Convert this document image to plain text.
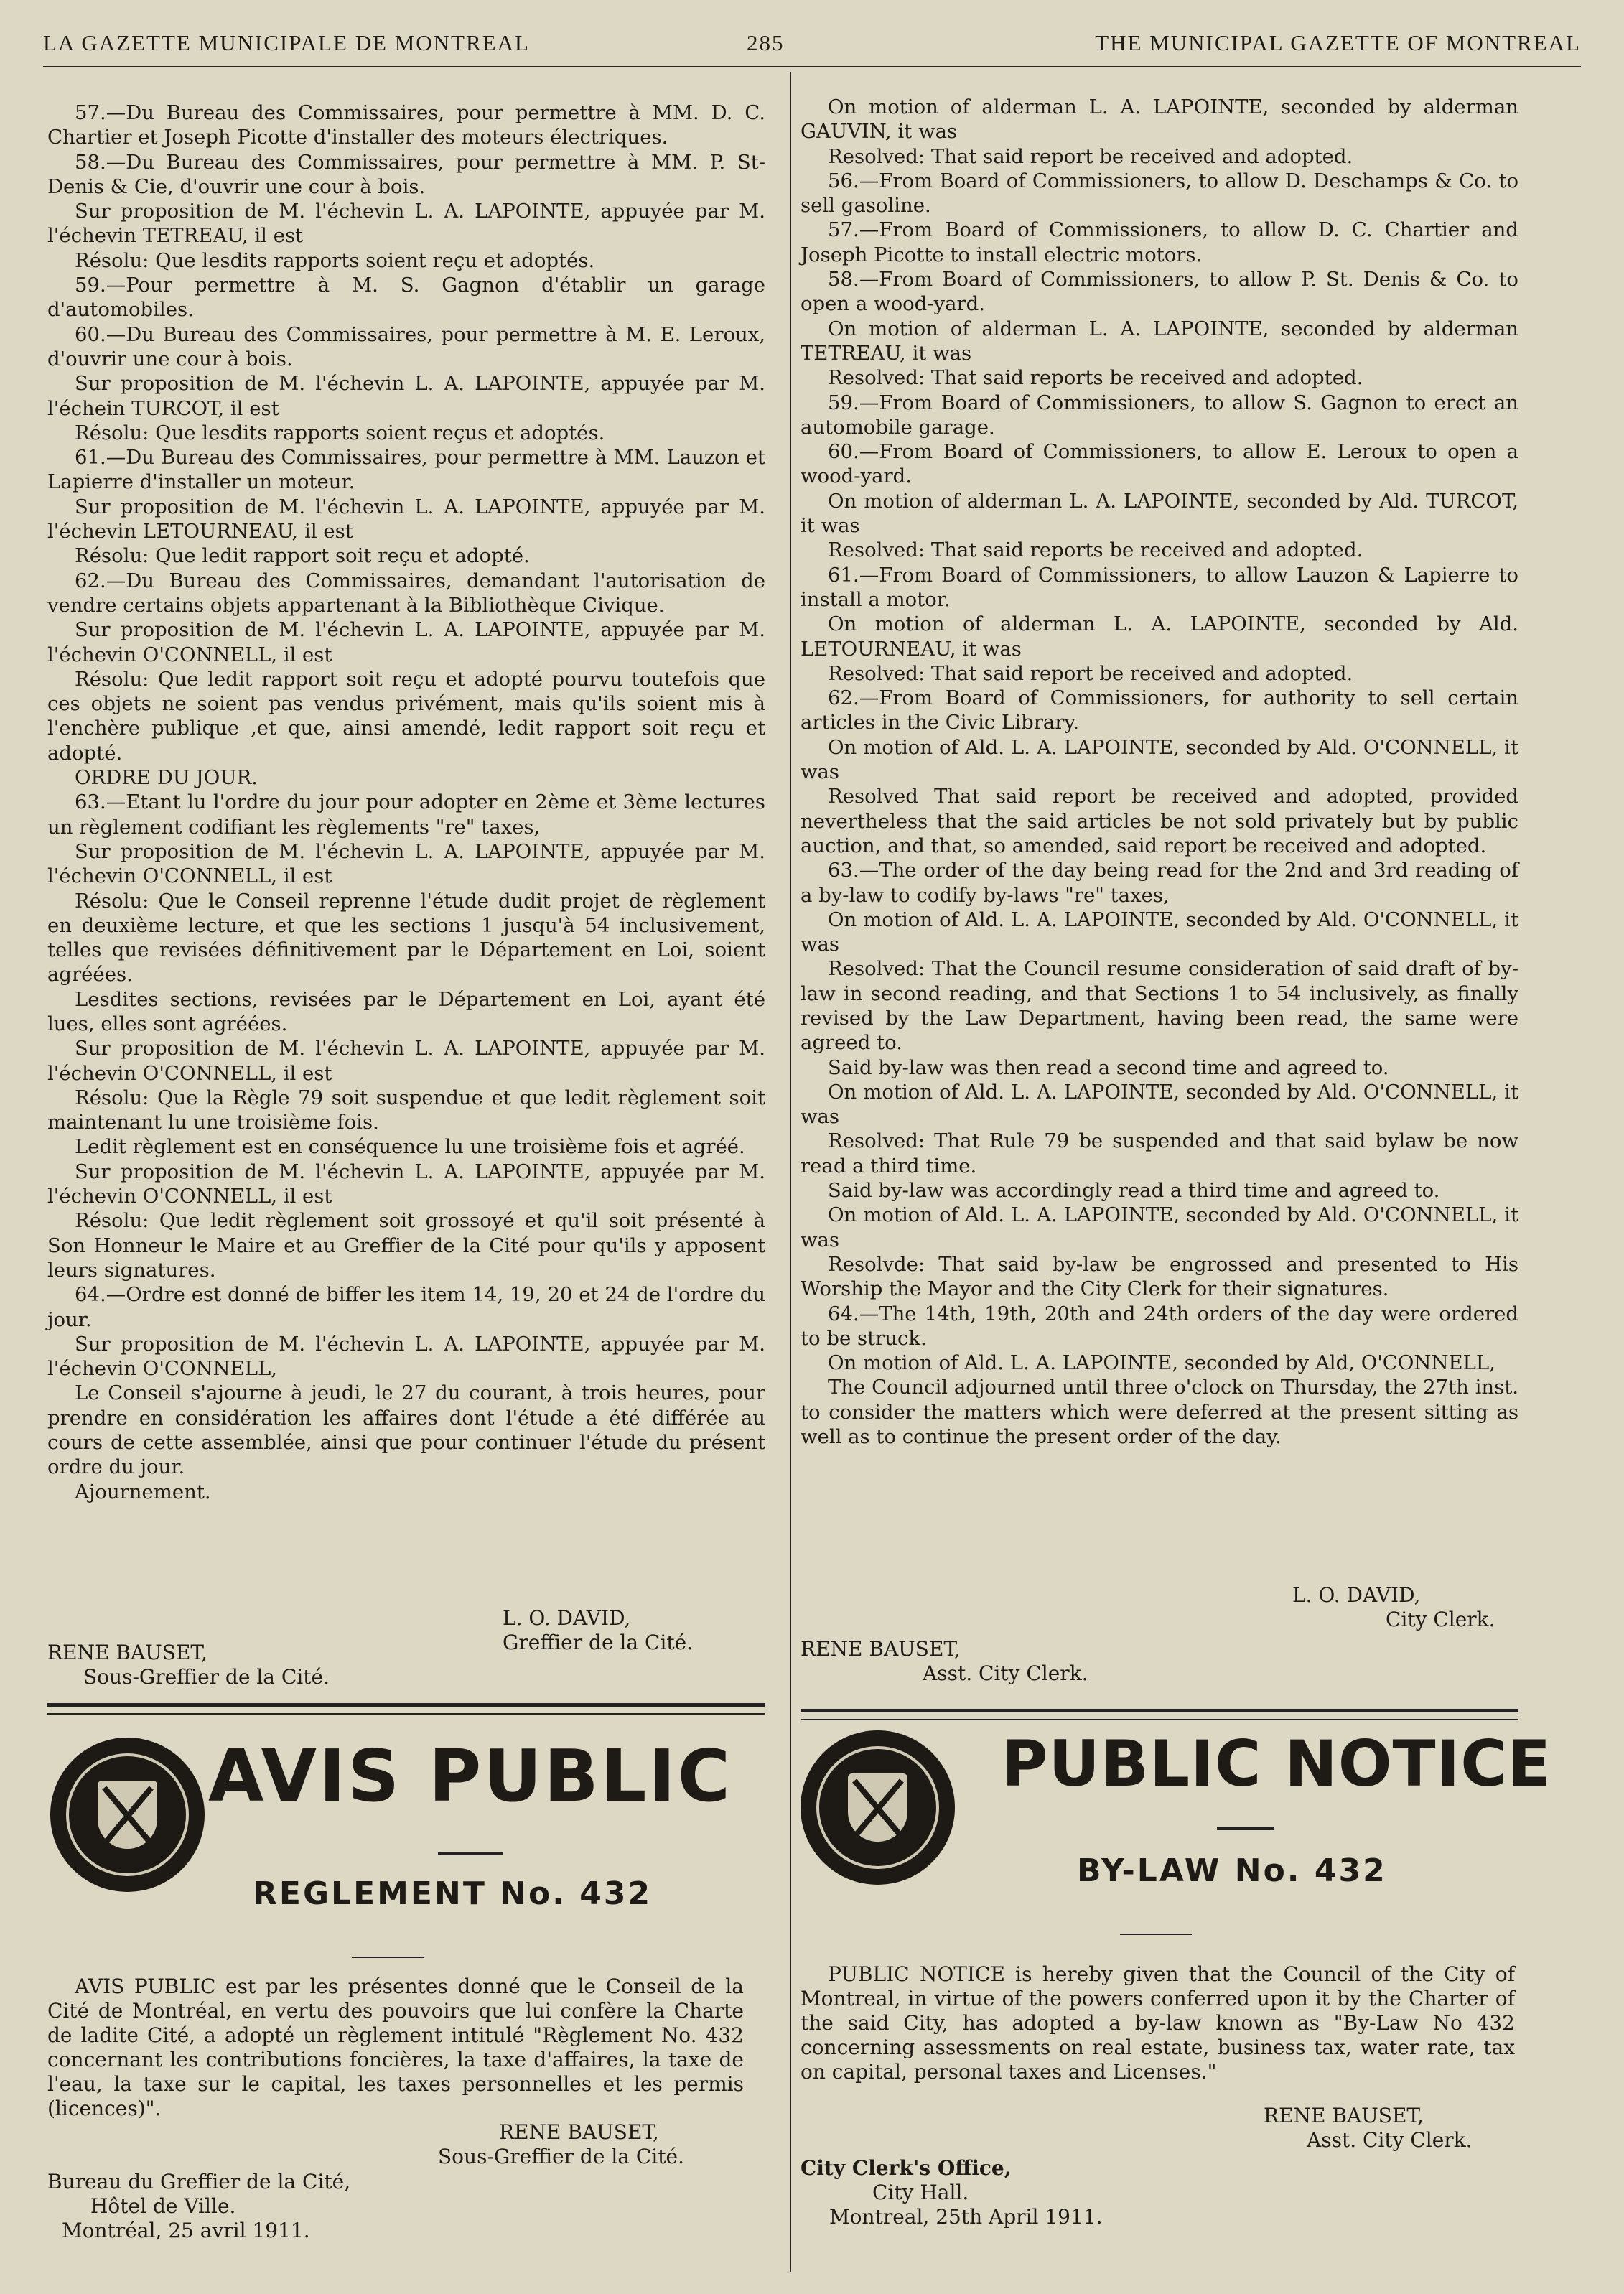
LA GAZETTE MUNICIPALE DE MONTREAL	285	THE MUNICIPAL GAZETTE OF MONTREAL

57.—Du Bureau des Commissaires, pour permettre à MM. D. C. Chartier et Joseph Picotte d'installer des moteurs électriques.

58.—Du Bureau des Commissaires, pour permettre à MM. P. St-Denis & Cie, d'ouvrir une cour à bois.

Sur proposition de M. l'échevin L. A. LAPOINTE, appuyée par M. l'échevin TETREAU, il est

Résolu: Que lesdits rapports soient reçu et adoptés.

59.—Pour permettre à M. S. Gagnon d'établir un garage d'automobiles.

60.—Du Bureau des Commissaires, pour permettre à M. E. Leroux, d'ouvrir une cour à bois.

Sur proposition de M. l'échevin L. A. LAPOINTE, appuyée par M. l'échein TURCOT, il est

Résolu: Que lesdits rapports soient reçus et adoptés.

61.—Du Bureau des Commissaires, pour permettre à MM. Lauzon et Lapierre d'installer un moteur.

Sur proposition de M. l'échevin L. A. LAPOINTE, appuyée par M. l'échevin LETOURNEAU, il est

Résolu: Que ledit rapport soit reçu et adopté.

62.—Du Bureau des Commissaires, demandant l'autorisation de vendre certains objets appartenant à la Bibliothèque Civique.

Sur proposition de M. l'échevin L. A. LAPOINTE, appuyée par M. l'échevin O'CONNELL, il est

Résolu: Que ledit rapport soit reçu et adopté pourvu toutefois que ces objets ne soient pas vendus privément, mais qu'ils soient mis à l'enchère publique ,et que, ainsi amendé, ledit rapport soit reçu et adopté.

ORDRE DU JOUR.

63.—Etant lu l'ordre du jour pour adopter en 2ème et 3ème lectures un règlement codifiant les règlements "re" taxes,

Sur proposition de M. l'échevin L. A. LAPOINTE, appuyée par M. l'échevin O'CONNELL, il est

Résolu: Que le Conseil reprenne l'étude dudit projet de règlement en deuxième lecture, et que les sections 1 jusqu'à 54 inclusivement, telles que revisées définitivement par le Département en Loi, soient agréées.

Lesdites sections, revisées par le Département en Loi, ayant été lues, elles sont agréées.

Sur proposition de M. l'échevin L. A. LAPOINTE, appuyée par M. l'échevin O'CONNELL, il est

Résolu: Que la Règle 79 soit suspendue et que ledit règlement soit maintenant lu une troisième fois.

Ledit règlement est en conséquence lu une troisième fois et agréé.

Sur proposition de M. l'échevin L. A. LAPOINTE, appuyée par M. l'échevin O'CONNELL, il est

Résolu: Que ledit règlement soit grossoyé et qu'il soit présenté à Son Honneur le Maire et au Greffier de la Cité pour qu'ils y apposent leurs signatures.

64.—Ordre est donné de biffer les item 14, 19, 20 et 24 de l'ordre du jour.

Sur proposition de M. l'échevin L. A. LAPOINTE, appuyée par M. l'échevin O'CONNELL,

Le Conseil s'ajourne à jeudi, le 27 du courant, à trois heures, pour prendre en considération les affaires dont l'étude a été différée au cours de cette assemblée, ainsi que pour continuer l'étude du présent ordre du jour.

Ajournement.

L. O. DAVID,
Greffier de la Cité.
RENE BAUSET,
Sous-Greffier de la Cité.

On motion of alderman L. A. LAPOINTE, seconded by alderman GAUVIN, it was

Resolved: That said report be received and adopted.

56.—From Board of Commissioners, to allow D. Deschamps & Co. to sell gasoline.

57.—From Board of Commissioners, to allow D. C. Chartier and Joseph Picotte to install electric motors.

58.—From Board of Commissioners, to allow P. St. Denis & Co. to open a wood-yard.

On motion of alderman L. A. LAPOINTE, seconded by alderman TETREAU, it was

Resolved: That said reports be received and adopted.

59.—From Board of Commissioners, to allow S. Gagnon to erect an automobile garage.

60.—From Board of Commissioners, to allow E. Leroux to open a wood-yard.

On motion of alderman L. A. LAPOINTE, seconded by Ald. TURCOT, it was

Resolved: That said reports be received and adopted.

61.—From Board of Commissioners, to allow Lauzon & Lapierre to install a motor.

On motion of alderman L. A. LAPOINTE, seconded by Ald. LETOURNEAU, it was

Resolved: That said report be received and adopted.

62.—From Board of Commissioners, for authority to sell certain articles in the Civic Library.

On motion of Ald. L. A. LAPOINTE, seconded by Ald. O'CONNELL, it was

Resolved That said report be received and adopted, provided nevertheless that the said articles be not sold privately but by public auction, and that, so amended, said report be received and adopted.

63.—The order of the day being read for the 2nd and 3rd reading of a by-law to codify by-laws "re" taxes,

On motion of Ald. L. A. LAPOINTE, seconded by Ald. O'CONNELL, it was

Resolved: That the Council resume consideration of said draft of by-law in second reading, and that Sections 1 to 54 inclusively, as finally revised by the Law Department, having been read, the same were agreed to.

Said by-law was then read a second time and agreed to.

On motion of Ald. L. A. LAPOINTE, seconded by Ald. O'CONNELL, it was

Resolved: That Rule 79 be suspended and that said bylaw be now read a third time.

Said by-law was accordingly read a third time and agreed to.

On motion of Ald. L. A. LAPOINTE, seconded by Ald. O'CONNELL, it was

Resolvde: That said by-law be engrossed and presented to His Worship the Mayor and the City Clerk for their signatures.

64.—The 14th, 19th, 20th and 24th orders of the day were ordered to be struck.

On motion of Ald. L. A. LAPOINTE, seconded by Ald, O'CONNELL,

The Council adjourned until three o'clock on Thursday, the 27th inst. to consider the matters which were deferred at the present sitting as well as to continue the present order of the day.

L. O. DAVID,
City Clerk.
RENE BAUSET,
Asst. City Clerk.
AVIS PUBLIC
REGLEMENT No. 432

AVIS PUBLIC est par les présentes donné que le Conseil de la Cité de Montréal, en vertu des pouvoirs que lui confère la Charte de ladite Cité, a adopté un règlement intitulé "Règlement No. 432 concernant les contributions foncières, la taxe d'affaires, la taxe de l'eau, la taxe sur le capital, les taxes personnelles et les permis (licences)".

RENE BAUSET,
Sous-Greffier de la Cité.
Bureau du Greffier de la Cité,
Hôtel de Ville.
Montréal, 25 avril 1911.
PUBLIC NOTICE
BY-LAW No. 432

PUBLIC NOTICE is hereby given that the Council of the City of Montreal, in virtue of the powers conferred upon it by the Charter of the said City, has adopted a by-law known as "By-Law No 432 concerning assessments on real estate, business tax, water rate, tax on capital, personal taxes and Licenses."

RENE BAUSET,
Asst. City Clerk.
City Clerk's Office,
City Hall.
Montreal, 25th April 1911.
